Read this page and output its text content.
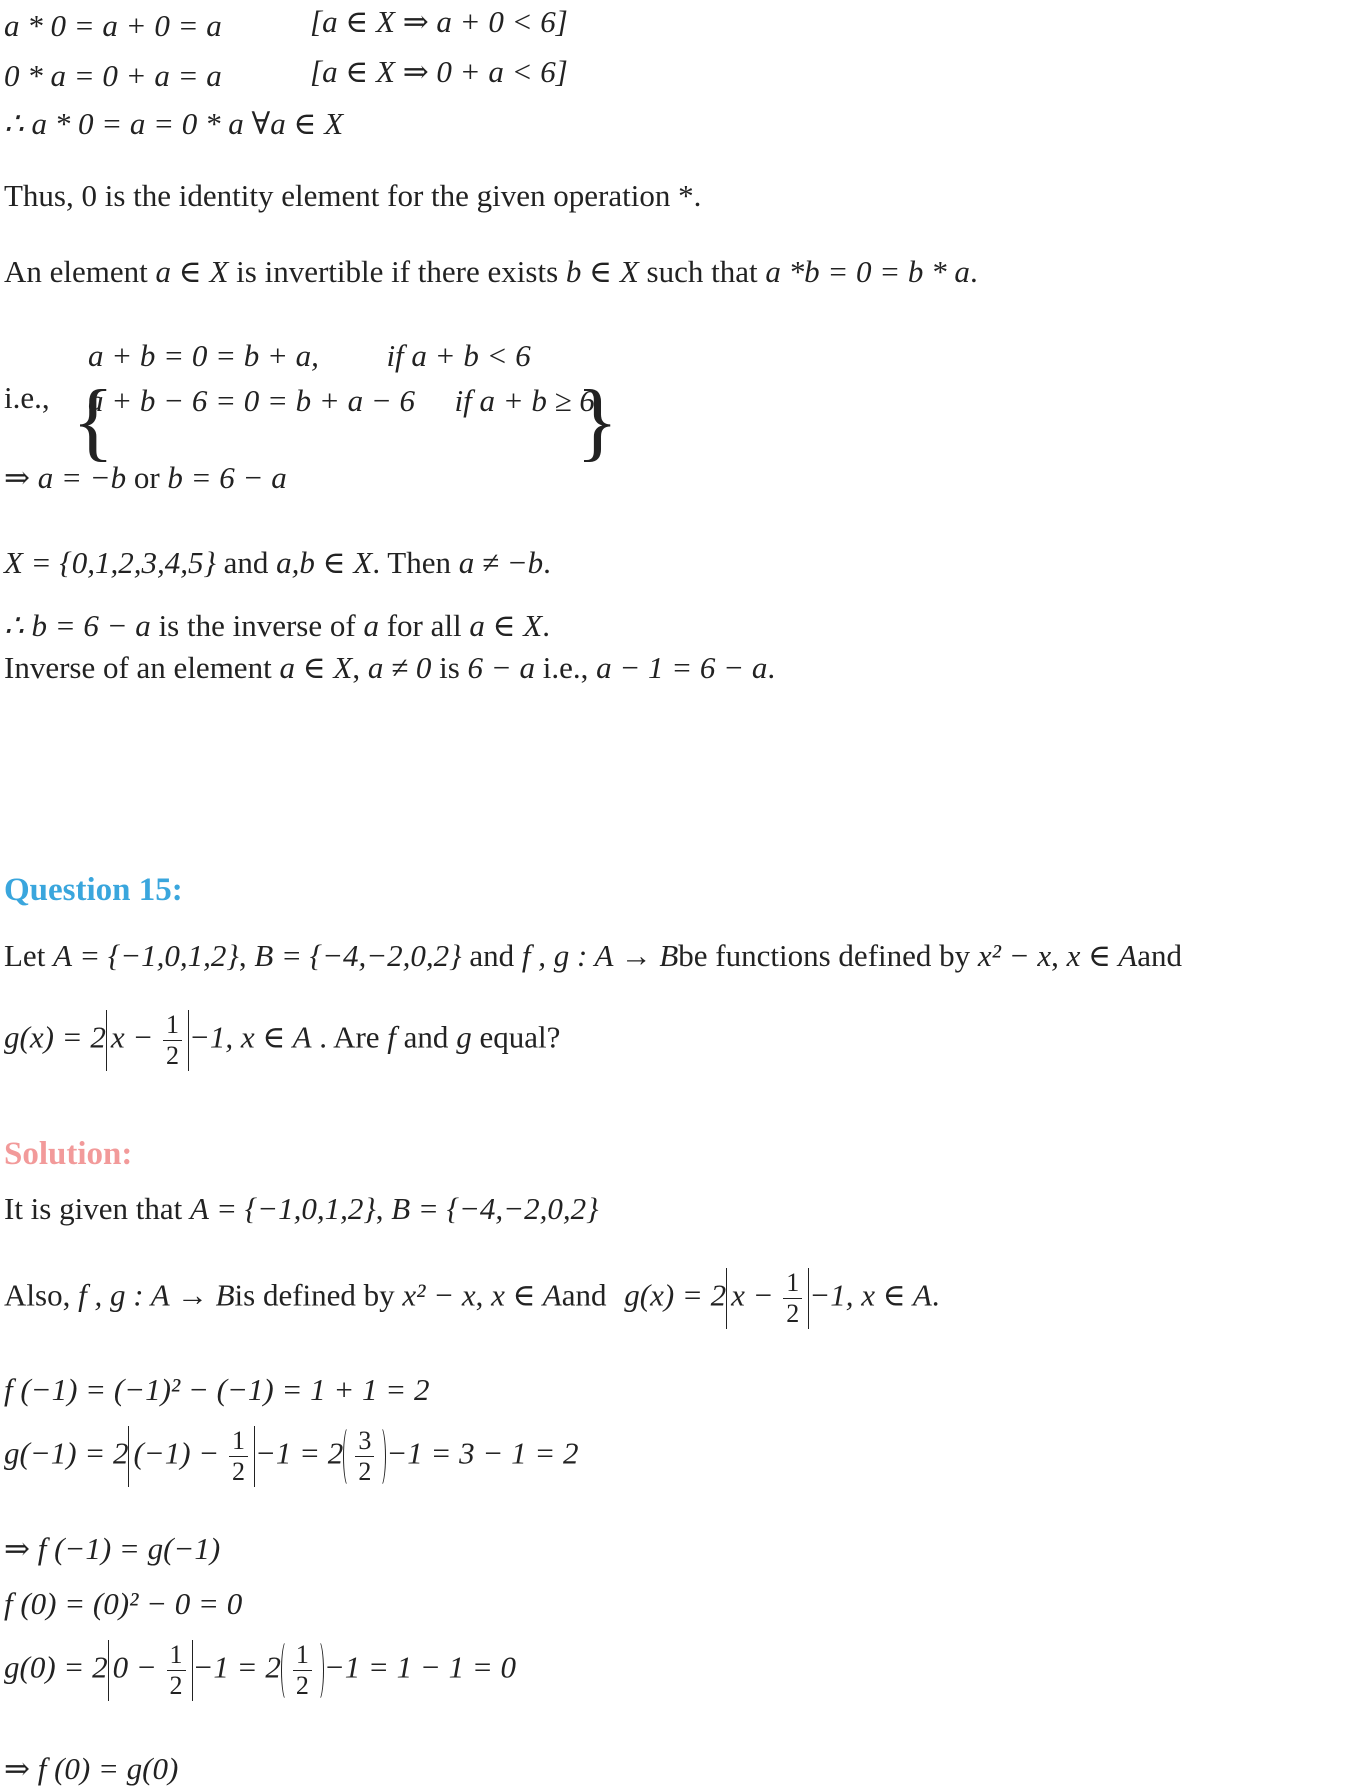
a * 0 = a + 0 = a	[a ∈ X ⇒ a + 0 < 6]
0 * a = 0 + a = a	[a ∈ X ⇒ 0 + a < 6]
∴ a * 0 = a = 0 * a ∀a ∈ X
Thus, 0 is the identity element for the given operation *.
An element a ∈ X is invertible if there exists b ∈ X such that a *b = 0 = b * a.
i.e., {
a + b = 0 = b + a, if a + b < 6
a + b − 6 = 0 = b + a − 6 if a + b ≥ 6
}
⇒ a = −b or b = 6 − a
X = {0,1,2,3,4,5} and a,b ∈ X. Then a ≠ −b.
∴ b = 6 − a is the inverse of a for all a ∈ X.
Inverse of an element a ∈ X, a ≠ 0 is 6 − a i.e., a − 1 = 6 − a.
Question 15:
Let A = {−1,0,1,2}, B = {−4,−2,0,2} and f , g : A → Bbe functions defined by x² − x, x ∈ Aand
g(x) = 2 $x - \frac{1}{2} -1$, x ∈ A . Are f and g equal?
Solution:
It is given that A = {−1,0,1,2}, B = {−4,−2,0,2}
Also, f , g : A → Bis defined by x² − x, x ∈ Aand g(x) = 2 $x - \frac{1}{2} -1$, x ∈ A.
f (−1) = (−1)² − (−1) = 1 + 1 = 2
g(−1) = 2 $(-1) - \frac{1}{2} -1 = 2 \frac{3}{2} -1 = 3 - 1 = 2$
⇒ f (−1) = g(−1)
f (0) = (0)² − 0 = 0
g(0) = 2 $0 - \frac{1}{2} -1 = 2 \frac{1}{2} -1 = 1 - 1 = 0$
⇒ f (0) = g(0)
